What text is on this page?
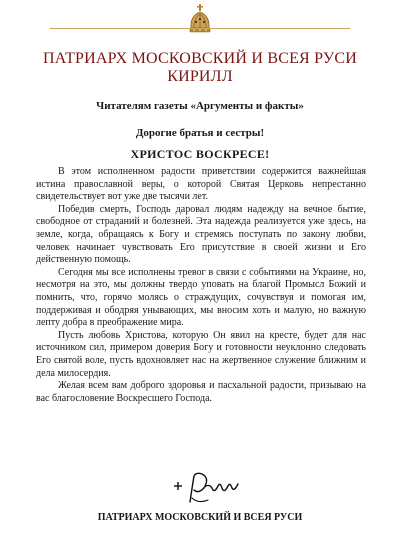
ПАТРИАРХ МОСКОВСКИЙ И ВСЕЯ РУСИ
КИРИЛЛ
Читателям газеты «Аргументы и факты»
Дорогие братья и сестры!
ХРИСТОС ВОСКРЕСЕ!

В этом исполненном радости приветствии содержится важнейшая истина православной веры, о которой Святая Церковь непрестанно свидетельствует вот уже две тысячи лет.

Победив смерть, Господь даровал людям надежду на вечное бытие, свободное от страданий и болезней. Эта надежда реализуется уже здесь, на земле, когда, обращаясь к Богу и стремясь поступать по закону любви, человек начинает чувствовать Его присутствие в своей жизни и Его действенную помощь.

Сегодня мы все исполнены тревог в связи с событиями на Украине, но, несмотря на это, мы должны твердо уповать на благой Промысл Божий и помнить, что, горячо молясь о страждущих, сочувствуя и помогая им, поддерживая и ободряя унывающих, мы вносим хоть и малую, но важную лепту добра в преображение мира.

Пусть любовь Христова, которую Он явил на кресте, будет для нас источником сил, примером доверия Богу и готовности неуклонно следовать Его святой воле, пусть вдохновляет нас на жертвенное служение ближним и дела милосердия.

Желая всем вам доброго здоровья и пасхальной радости, призываю на вас благословение Воскресшего Господа.

ПАТРИАРХ МОСКОВСКИЙ И ВСЕЯ РУСИ
